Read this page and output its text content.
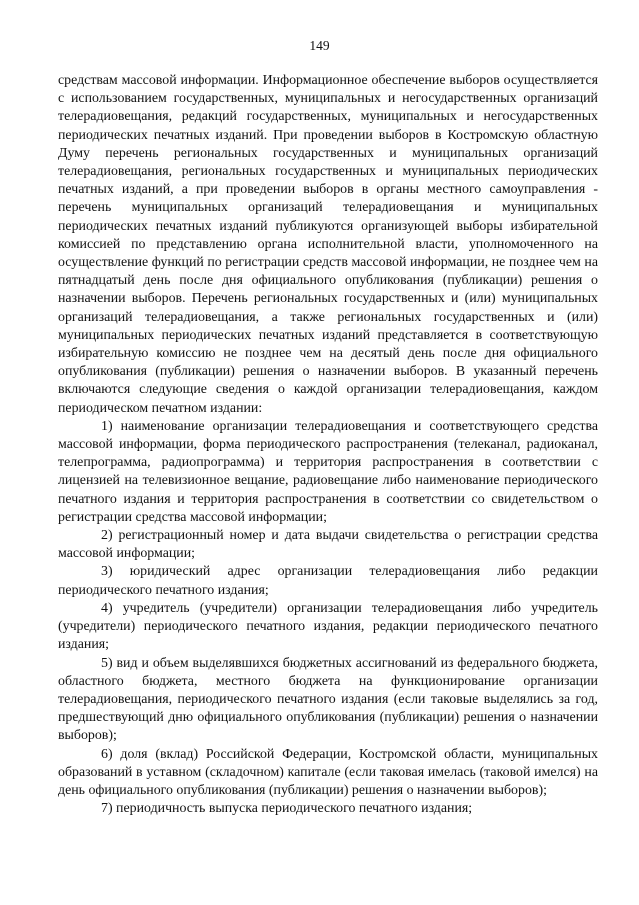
149

средствам массовой информации. Информационное обеспечение выборов осуществляется с использованием государственных, муниципальных и негосударственных организаций телерадиовещания, редакций государственных, муниципальных и негосударственных периодических печатных изданий. При проведении выборов в Костромскую областную Думу перечень региональных государственных и муниципальных организаций телерадиовещания, региональных государственных и муниципальных периодических печатных изданий, а при проведении выборов в органы местного самоуправления - перечень муниципальных организаций телерадиовещания и муниципальных периодических печатных изданий публикуются организующей выборы избирательной комиссией по представлению органа исполнительной власти, уполномоченного на осуществление функций по регистрации средств массовой информации, не позднее чем на пятнадцатый день после дня официального опубликования (публикации) решения о назначении выборов. Перечень региональных государственных и (или) муниципальных организаций телерадиовещания, а также региональных государственных и (или) муниципальных периодических печатных изданий представляется в соответствующую избирательную комиссию не позднее чем на десятый день после дня официального опубликования (публикации) решения о назначении выборов. В указанный перечень включаются следующие сведения о каждой организации телерадиовещания, каждом периодическом печатном издании:

1) наименование организации телерадиовещания и соответствующего средства массовой информации, форма периодического распространения (телеканал, радиоканал, телепрограмма, радиопрограмма) и территория распространения в соответствии с лицензией на телевизионное вещание, радиовещание либо наименование периодического печатного издания и территория распространения в соответствии со свидетельством о регистрации средства массовой информации;

2) регистрационный номер и дата выдачи свидетельства о регистрации средства массовой информации;

3) юридический адрес организации телерадиовещания либо редакции периодического печатного издания;

4) учредитель (учредители) организации телерадиовещания либо учредитель (учредители) периодического печатного издания, редакции периодического печатного издания;

5) вид и объем выделявшихся бюджетных ассигнований из федерального бюджета, областного бюджета, местного бюджета на функционирование организации телерадиовещания, периодического печатного издания (если таковые выделялись за год, предшествующий дню официального опубликования (публикации) решения о назначении выборов);

6) доля (вклад) Российской Федерации, Костромской области, муниципальных образований в уставном (складочном) капитале (если таковая имелась (таковой имелся) на день официального опубликования (публикации) решения о назначении выборов);

7) периодичность выпуска периодического печатного издания;
